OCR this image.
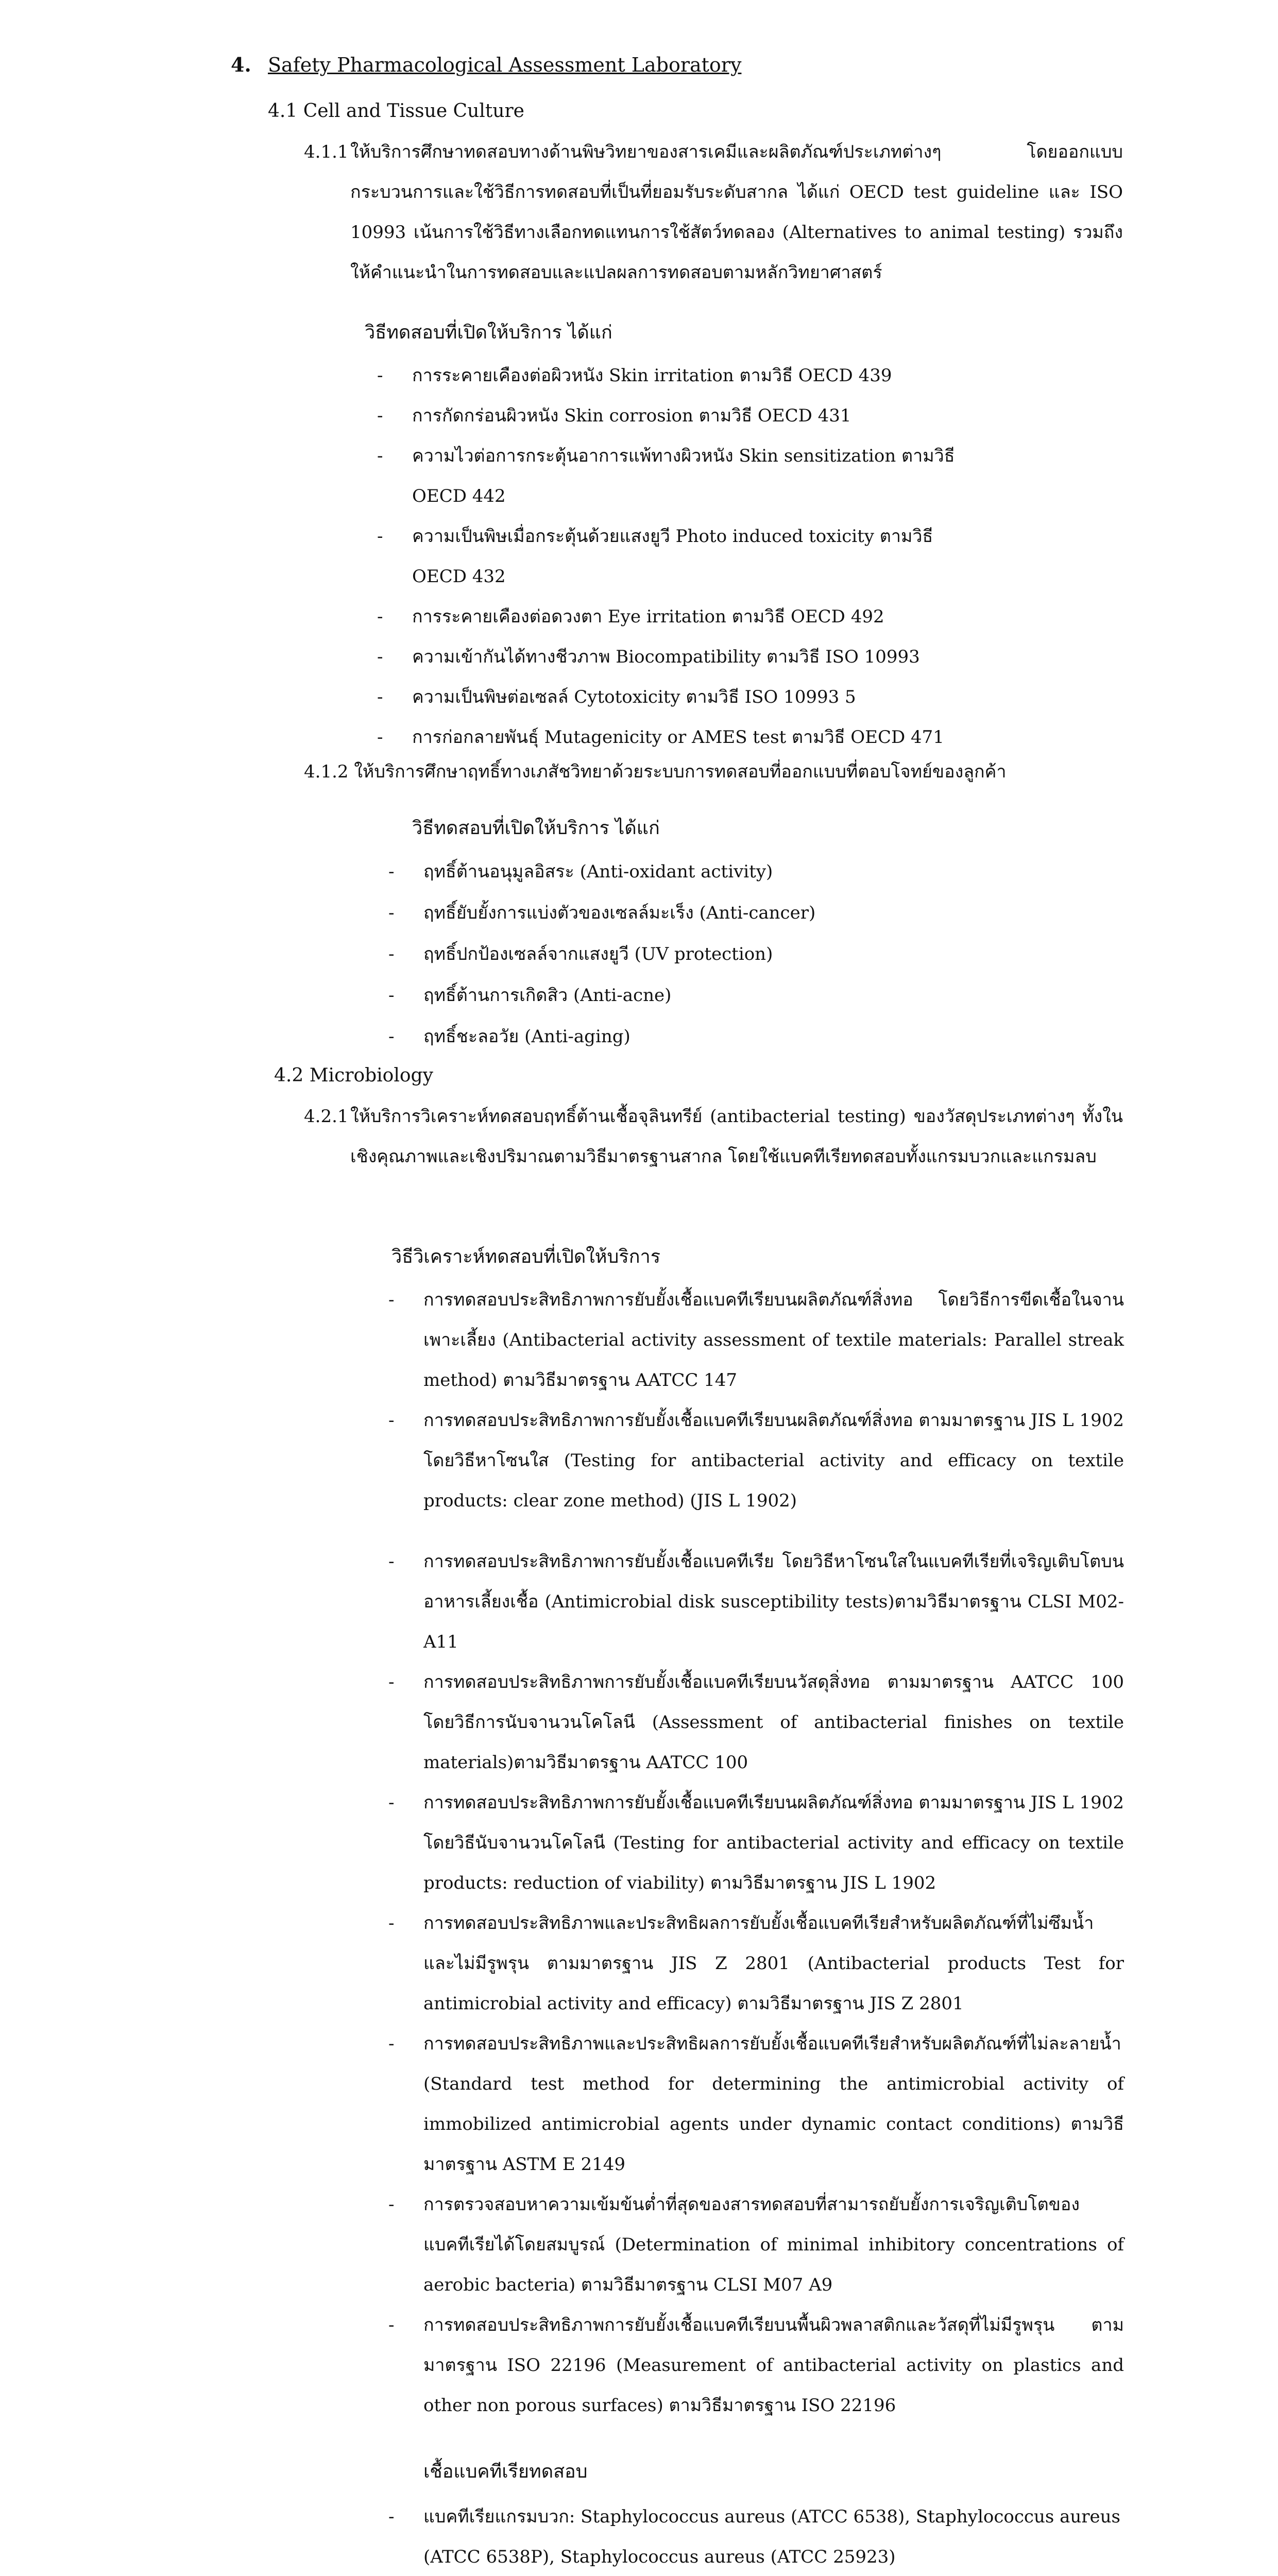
4. Safety Pharmacological Assessment Laboratory
4.1 Cell and Tissue Culture
4.1.1 ให้บริการศึกษาทดสอบทางด้านพิษวิทยาของสารเคมีและผลิตภัณฑ์ประเภทต่างๆ โดยออกแบบกระบวนการและใช้วิธีการทดสอบที่เป็นที่ยอมรับระดับสากล ได้แก่ OECD test guideline และ ISO 10993 เน้นการใช้วิธีทางเลือกทดแทนการใช้สัตว์ทดลอง (Alternatives to animal testing) รวมถึงให้คำแนะนำในการทดสอบและแปลผลการทดสอบตามหลักวิทยาศาสตร์
วิธีทดสอบที่เปิดให้บริการ ได้แก่
- การระคายเคืองต่อผิวหนัง Skin irritation ตามวิธี OECD 439
- การกัดกร่อนผิวหนัง Skin corrosion ตามวิธี OECD 431
- ความไวต่อการกระตุ้นอาการแพ้ทางผิวหนัง Skin sensitization ตามวิธี OECD 442
- ความเป็นพิษเมื่อกระตุ้นด้วยแสงยูวี Photo induced toxicity ตามวิธี OECD 432
- การระคายเคืองต่อดวงตา Eye irritation ตามวิธี OECD 492
- ความเข้ากันได้ทางชีวภาพ Biocompatibility ตามวิธี ISO 10993
- ความเป็นพิษต่อเซลล์ Cytotoxicity ตามวิธี ISO 10993 5
- การก่อกลายพันธุ์ Mutagenicity or AMES test ตามวิธี OECD 471
4.1.2 ให้บริการศึกษาฤทธิ์ทางเภสัชวิทยาด้วยระบบการทดสอบที่ออกแบบที่ตอบโจทย์ของลูกค้า
วิธีทดสอบที่เปิดให้บริการ ได้แก่
- ฤทธิ์ต้านอนุมูลอิสระ (Anti-oxidant activity)
- ฤทธิ์ยับยั้งการแบ่งตัวของเซลล์มะเร็ง (Anti-cancer)
- ฤทธิ์ปกป้องเซลล์จากแสงยูวี (UV protection)
- ฤทธิ์ต้านการเกิดสิว (Anti-acne)
- ฤทธิ์ชะลอวัย (Anti-aging)
4.2 Microbiology
4.2.1 ให้บริการวิเคราะห์ทดสอบฤทธิ์ต้านเชื้อจุลินทรีย์ (antibacterial testing) ของวัสดุประเภทต่างๆ ทั้งในเชิงคุณภาพและเชิงปริมาณตามวิธีมาตรฐานสากล โดยใช้แบคทีเรียทดสอบทั้งแกรมบวกและแกรมลบ
วิธีวิเคราะห์ทดสอบที่เปิดให้บริการ
- การทดสอบประสิทธิภาพการยับยั้งเชื้อแบคทีเรียบนผลิตภัณฑ์สิ่งทอ โดยวิธีการขีดเชื้อในจานเพาะเลี้ยง (Antibacterial activity assessment of textile materials: Parallel streak method) ตามวิธีมาตรฐาน AATCC 147
- การทดสอบประสิทธิภาพการยับยั้งเชื้อแบคทีเรียบนผลิตภัณฑ์สิ่งทอ ตามมาตรฐาน JIS L 1902 โดยวิธีหาโซนใส (Testing for antibacterial activity and efficacy on textile products: clear zone method) (JIS L 1902)
- การทดสอบประสิทธิภาพการยับยั้งเชื้อแบคทีเรีย โดยวิธีหาโซนใสในแบคทีเรียที่เจริญเติบโตบนอาหารเลี้ยงเชื้อ (Antimicrobial disk susceptibility tests)ตามวิธีมาตรฐาน CLSI M02-A11
- การทดสอบประสิทธิภาพการยับยั้งเชื้อแบคทีเรียบนวัสดุสิ่งทอ ตามมาตรฐาน AATCC 100 โดยวิธีการนับจานวนโคโลนี (Assessment of antibacterial finishes on textile materials)ตามวิธีมาตรฐาน AATCC 100
- การทดสอบประสิทธิภาพการยับยั้งเชื้อแบคทีเรียบนผลิตภัณฑ์สิ่งทอ ตามมาตรฐาน JIS L 1902 โดยวิธีนับจานวนโคโลนี (Testing for antibacterial activity and efficacy on textile products: reduction of viability) ตามวิธีมาตรฐาน JIS L 1902
- การทดสอบประสิทธิภาพและประสิทธิผลการยับยั้งเชื้อแบคทีเรียสำหรับผลิตภัณฑ์ที่ไม่ซึมน้ำและไม่มีรูพรุน ตามมาตรฐาน JIS Z 2801 (Antibacterial products Test for antimicrobial activity and efficacy) ตามวิธีมาตรฐาน JIS Z 2801
- การทดสอบประสิทธิภาพและประสิทธิผลการยับยั้งเชื้อแบคทีเรียสำหรับผลิตภัณฑ์ที่ไม่ละลายน้ำ (Standard test method for determining the antimicrobial activity of immobilized antimicrobial agents under dynamic contact conditions) ตามวิธีมาตรฐาน ASTM E 2149
- การตรวจสอบหาความเข้มข้นต่ำที่สุดของสารทดสอบที่สามารถยับยั้งการเจริญเติบโตของแบคทีเรียได้โดยสมบูรณ์ (Determination of minimal inhibitory concentrations of aerobic bacteria) ตามวิธีมาตรฐาน CLSI M07 A9
- การทดสอบประสิทธิภาพการยับยั้งเชื้อแบคทีเรียบนพื้นผิวพลาสติกและวัสดุที่ไม่มีรูพรุน ตามมาตรฐาน ISO 22196 (Measurement of antibacterial activity on plastics and other non porous surfaces) ตามวิธีมาตรฐาน ISO 22196
เชื้อแบคทีเรียทดสอบ
- แบคทีเรียแกรมบวก: Staphylococcus aureus (ATCC 6538), Staphylococcus aureus (ATCC 6538P), Staphylococcus aureus (ATCC 25923)
